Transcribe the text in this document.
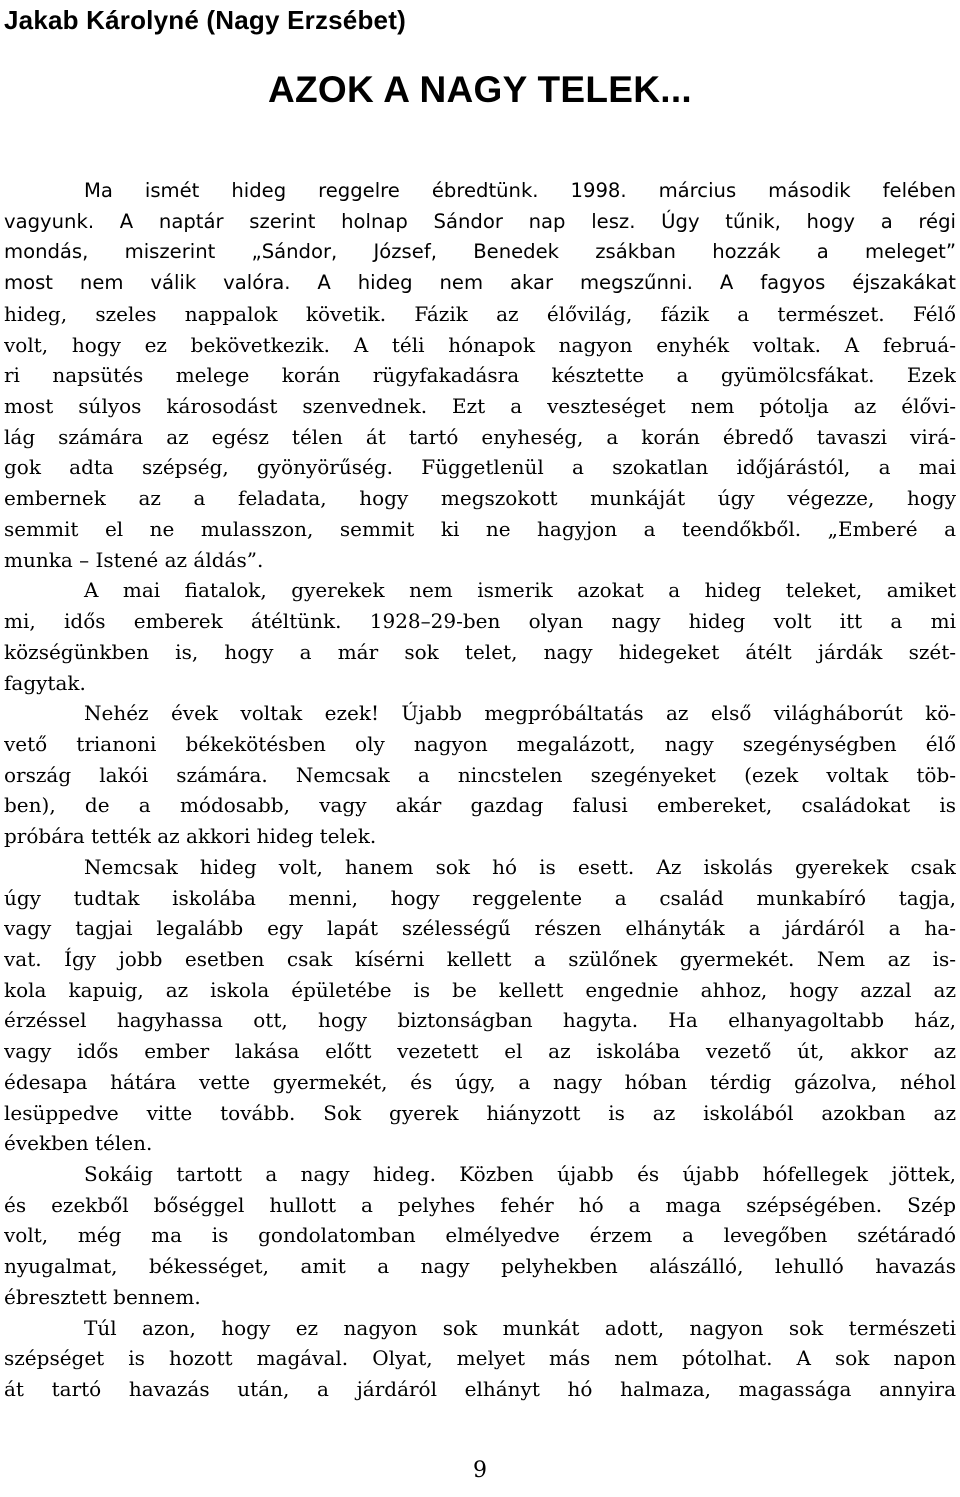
Jakab Károlyné (Nagy Erzsébet)
AZOK A NAGY TELEK...
Ma ismét hideg reggelre ébredtünk. 1998. március második felében
vagyunk. A naptár szerint holnap Sándor nap lesz. Úgy tűnik, hogy a régi
mondás, miszerint „Sándor, József, Benedek zsákban hozzák a meleget”
most nem válik valóra. A hideg nem akar megszűnni. A fagyos éjszakákat
hideg, szeles nappalok követik. Fázik az élővilág, fázik a természet. Félő
volt, hogy ez bekövetkezik. A téli hónapok nagyon enyhék voltak. A februá-
ri napsütés melege korán rügyfakadásra késztette a gyümölcsfákat. Ezek
most súlyos károsodást szenvednek. Ezt a veszteséget nem pótolja az élővi-
lág számára az egész télen át tartó enyheség, a korán ébredő tavaszi virá-
gok adta szépség, gyönyörűség. Függetlenül a szokatlan időjárástól, a mai
embernek az a feladata, hogy megszokott munkáját úgy végezze, hogy
semmit el ne mulasszon, semmit ki ne hagyjon a teendőkből. „Emberé a
munka – Istené az áldás”.
A mai fiatalok, gyerekek nem ismerik azokat a hideg teleket, amiket
mi, idős emberek átéltünk. 1928–29-ben olyan nagy hideg volt itt a mi
községünkben is, hogy a már sok telet, nagy hidegeket átélt járdák szét-
fagytak.
Nehéz évek voltak ezek! Újabb megpróbáltatás az első világháborút kö-
vető trianoni békekötésben oly nagyon megalázott, nagy szegénységben élő
ország lakói számára. Nemcsak a nincstelen szegényeket (ezek voltak töb-
ben), de a módosabb, vagy akár gazdag falusi embereket, családokat is
próbára tették az akkori hideg telek.
Nemcsak hideg volt, hanem sok hó is esett. Az iskolás gyerekek csak
úgy tudtak iskolába menni, hogy reggelente a család munkabíró tagja,
vagy tagjai legalább egy lapát szélességű részen elhányták a járdáról a ha-
vat. Így jobb esetben csak kísérni kellett a szülőnek gyermekét. Nem az is-
kola kapuig, az iskola épületébe is be kellett engednie ahhoz, hogy azzal az
érzéssel hagyhassa ott, hogy biztonságban hagyta. Ha elhanyagoltabb ház,
vagy idős ember lakása előtt vezetett el az iskolába vezető út, akkor az
édesapa hátára vette gyermekét, és úgy, a nagy hóban térdig gázolva, néhol
lesüppedve vitte tovább. Sok gyerek hiányzott is az iskolából azokban az
években télen.
Sokáig tartott a nagy hideg. Közben újabb és újabb hófellegek jöttek,
és ezekből bőséggel hullott a pelyhes fehér hó a maga szépségében. Szép
volt, még ma is gondolatomban elmélyedve érzem a levegőben szétáradó
nyugalmat, békességet, amit a nagy pelyhekben alászálló, lehulló havazás
ébresztett bennem.
Túl azon, hogy ez nagyon sok munkát adott, nagyon sok természeti
szépséget is hozott magával. Olyat, melyet más nem pótolhat. A sok napon
át tartó havazás után, a járdáról elhányt hó halmaza, magassága annyira
9
